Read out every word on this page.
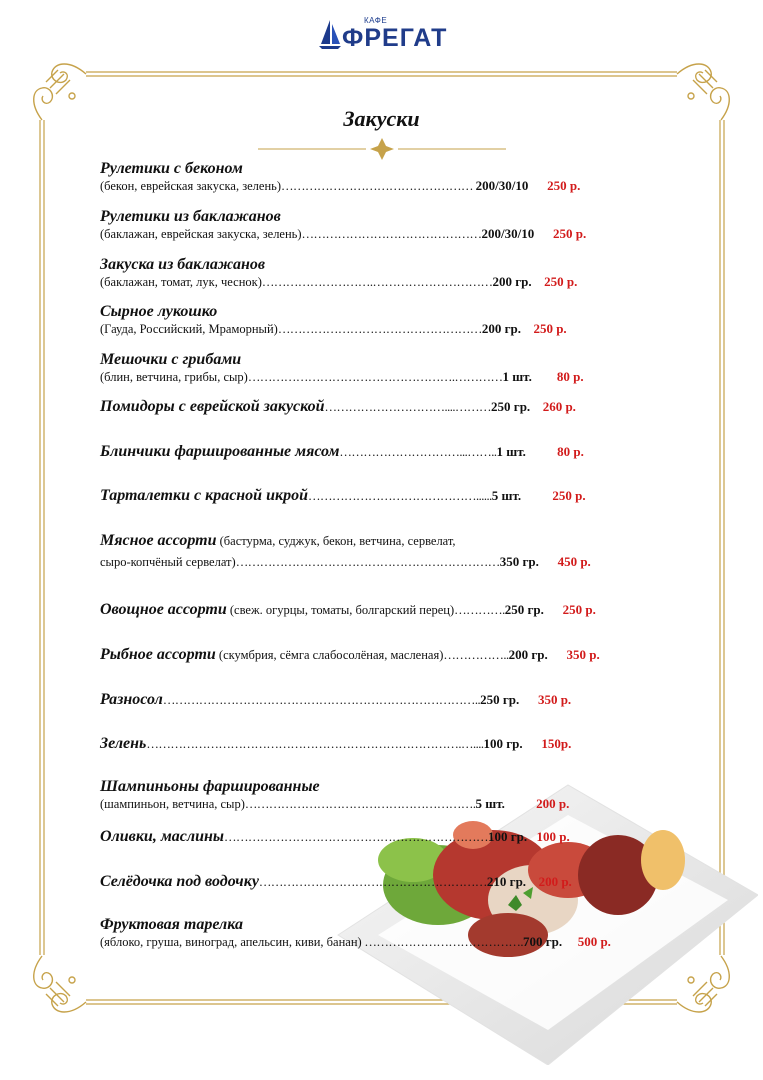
КАФЕ
ФРЕГАТ
Закуски
Рулетики с беконом
(бекон, еврейская закуска, зелень)………………………………………… 200/30/10 250 р.
Рулетики из баклажанов
(баклажан, еврейская закуска, зелень)………………………………………200/30/10 250 р.
Закуска из баклажанов
(баклажан, томат, лук, чеснок)……………………….…………………………200 гр. 250 р.
Сырное лукошко
(Гауда, Российский, Мраморный)……………………………………………200 гр. 250 р.
Мешочки с грибами
(блин, ветчина, грибы, сыр)…………………………………………….…………1 шт. 80 р.
Помидоры с еврейской закуской…………………………....………250 гр. 260 р.
Блинчики фаршированные мясом…………………………...……..1 шт. 80 р.
Тарталетки с красной икрой……………………………………......5 шт. 250 р.
Мясное ассорти (бастурма, суджук, бекон, ветчина, сервелат,
сыро-копчёный сервелат)…………………………………………………………350 гр. 450 р.
Овощное ассорти (свеж. огурцы, томаты, болгарский перец)………….250 гр. 250 р.
Рыбное ассорти (скумбрия, сёмга слабосолёная, масленая)……………..200 гр. 350 р.
Разносол……………………………………………………………………..250 гр. 350 р.
Зелень…………………………………………………………………….…....100 гр. 150р.
Шампиньоны фаршированные
(шампиньон, ветчина, сыр)………………………………………………….5 шт. 200 р.
Оливки, маслины…………………………………………………………100 гр. 100 р.
Селёдочка под водочку…………………………………………………210 гр. 200 р.
Фруктовая тарелка
(яблоко, груша, виноград, апельсин, киви, банан) ………………………………….700 гр. 500 р.
